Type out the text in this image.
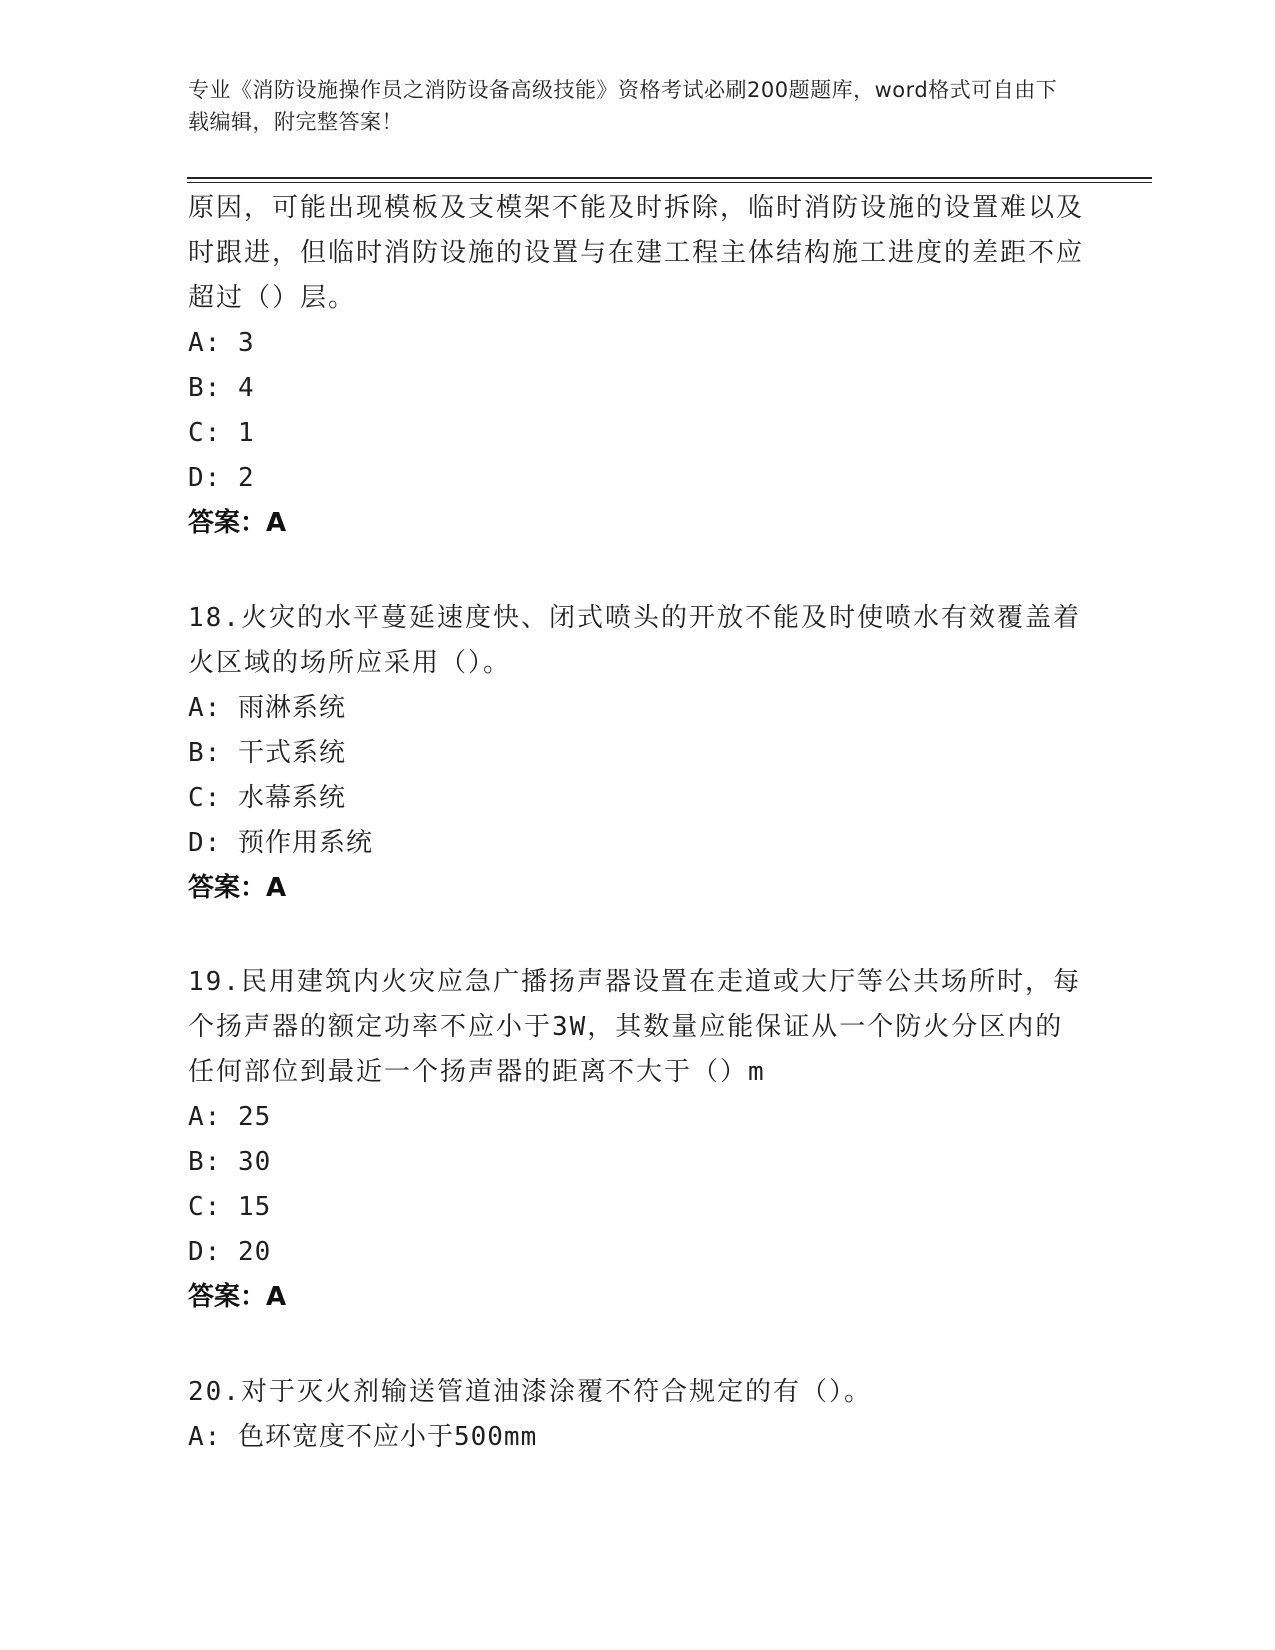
专业《消防设施操作员之消防设备高级技能》资格考试必刷200题题库，word格式可自由下载编辑，附完整答案！

原因，可能出现模板及支模架不能及时拆除，临时消防设施的设置难以及时跟进，但临时消防设施的设置与在建工程主体结构施工进度的差距不应超过（）层。

A: 3

B: 4

C: 1

D: 2

答案：A

18.火灾的水平蔓延速度快、闭式喷头的开放不能及时使喷水有效覆盖着火区域的场所应采用（）。

A: 雨淋系统

B: 干式系统

C: 水幕系统

D: 预作用系统

答案：A

19.民用建筑内火灾应急广播扬声器设置在走道或大厅等公共场所时，每个扬声器的额定功率不应小于3W，其数量应能保证从一个防火分区内的任何部位到最近一个扬声器的距离不大于（）m

A: 25

B: 30

C: 15

D: 20

答案：A

20.对于灭火剂输送管道油漆涂覆不符合规定的有（）。

A: 色环宽度不应小于500mm
